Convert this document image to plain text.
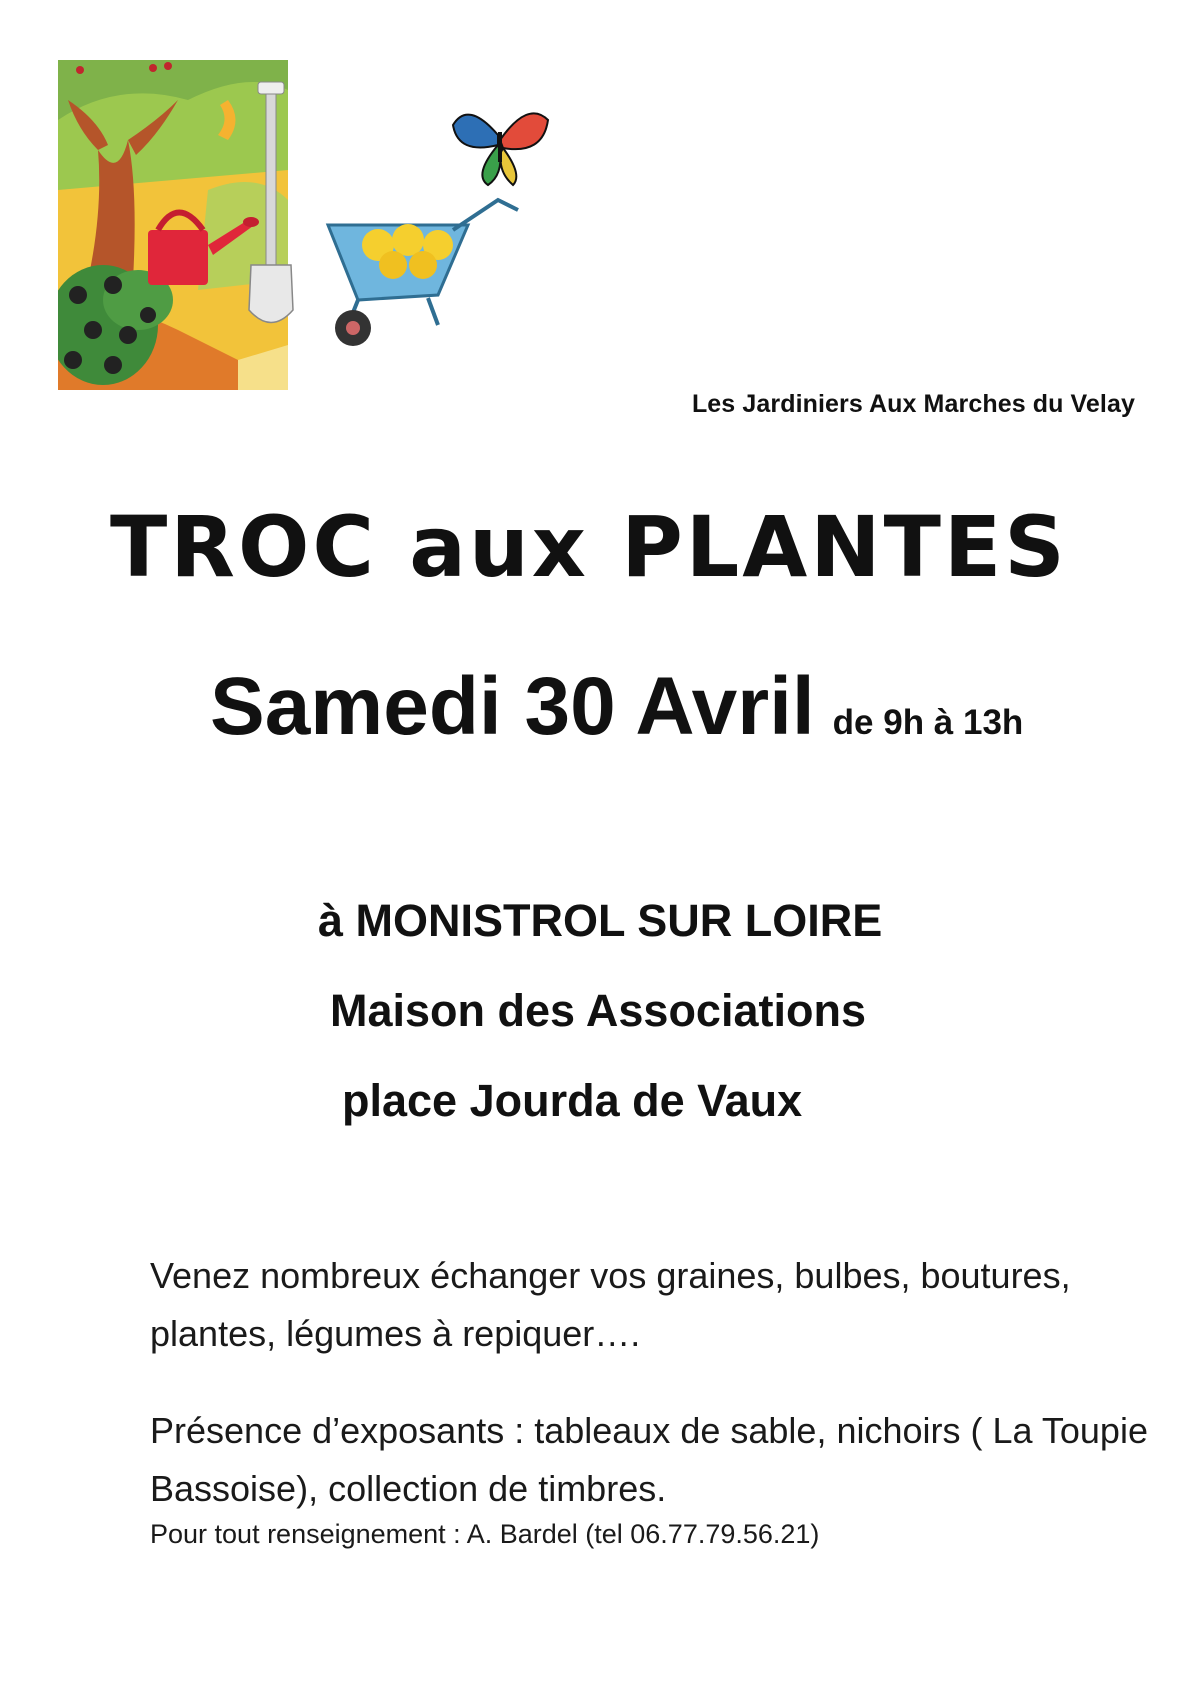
Les Jardiniers Aux Marches du Velay
TROC aux PLANTES
Samedi 30 Avril de 9h à 13h
à MONISTROL SUR LOIRE
Maison des Associations
place Jourda de Vaux
Venez nombreux échanger vos graines, bulbes, boutures, plantes, légumes à repiquer….
Présence d’exposants : tableaux de sable, nichoirs ( La Toupie Bassoise), collection de timbres.
Pour tout renseignement : A. Bardel (tel 06.77.79.56.21)
